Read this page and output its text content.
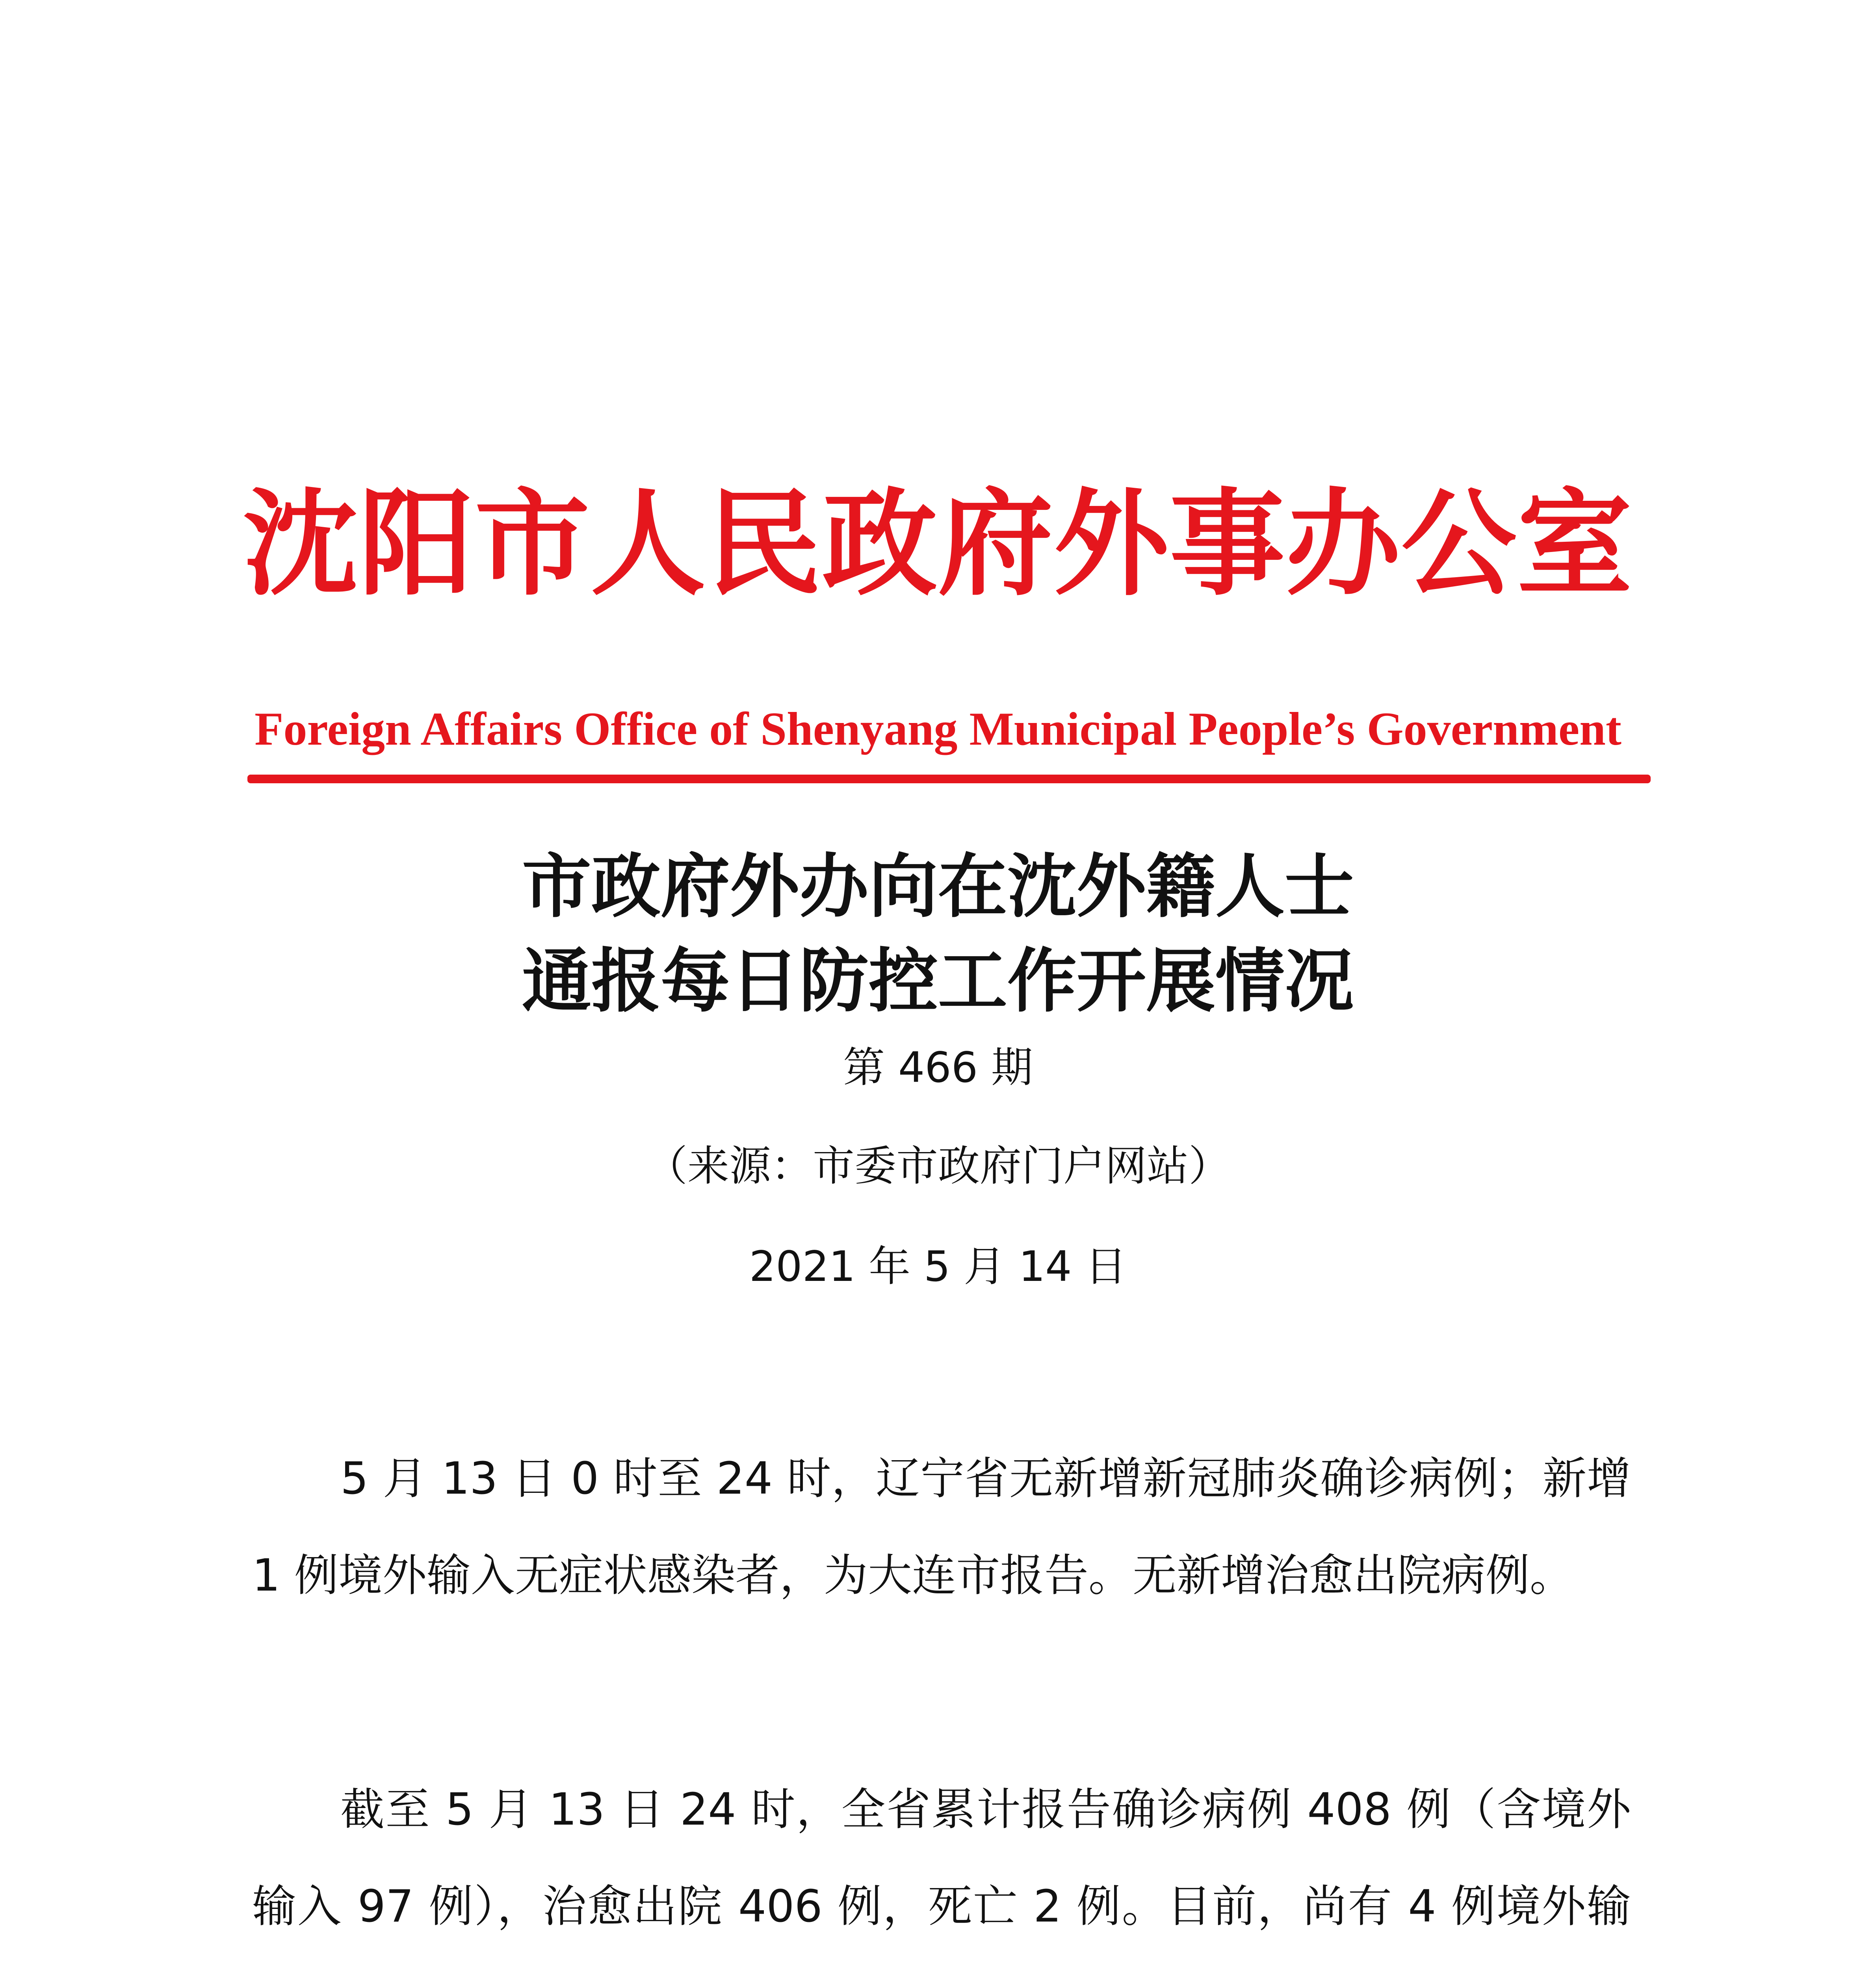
沈阳市人民政府外事办公室
Foreign Affairs Office of Shenyang Municipal People’s Government
市政府外办向在沈外籍人士
通报每日防控工作开展情况
第 466 期
（来源：市委市政府门户网站）
2021 年 5 月 14 日

5 月 13 日 0 时至 24 时，辽宁省无新增新冠肺炎确诊病例；新增 1 例境外输入无症状感染者，为大连市报告。无新增治愈出院病例。

截至 5 月 13 日 24 时，全省累计报告确诊病例 408 例（含境外输入 97 例），治愈出院 406 例，死亡 2 例。目前，尚有 4 例境外输
